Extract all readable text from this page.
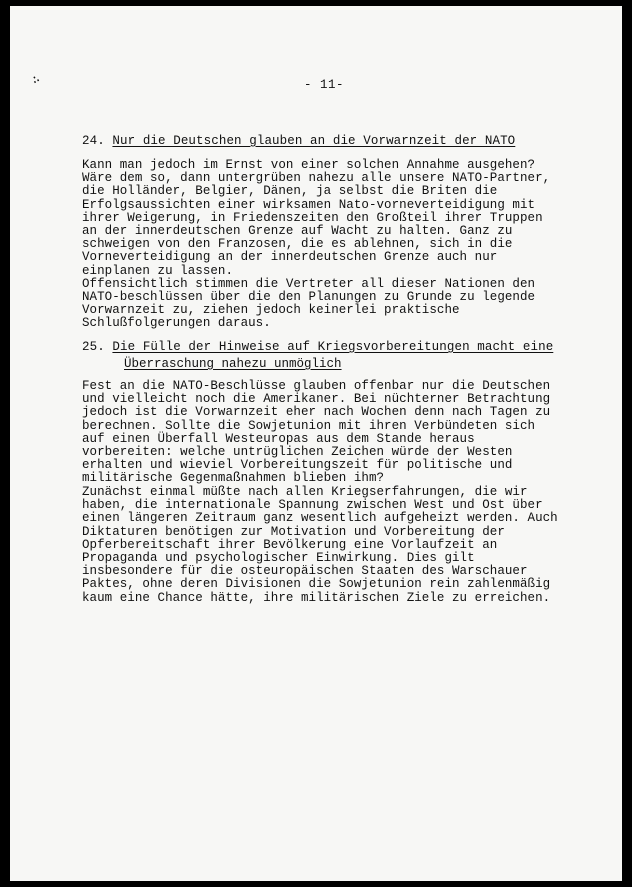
∴	- 11-
24. Nur die Deutschen glauben an die Vorwarnzeit der NATO
Kann man jedoch im Ernst von einer solchen Annahme ausgehen?
Wäre dem so, dann untergrüben nahezu alle unsere NATO-Partner,
die Holländer, Belgier, Dänen, ja selbst die Briten die
Erfolgsaussichten einer wirksamen Nato-vorneverteidigung mit
ihrer Weigerung, in Friedenszeiten den Großteil ihrer Truppen
an der innerdeutschen Grenze auf Wacht zu halten. Ganz zu
schweigen von den Franzosen, die es ablehnen, sich in die
Vorneverteidigung an der innerdeutschen Grenze auch nur
einplanen zu lassen.
Offensichtlich stimmen die Vertreter all dieser Nationen den
NATO-beschlüssen über die den Planungen zu Grunde zu legende
Vorwarnzeit zu, ziehen jedoch keinerlei praktische
Schlußfolgerungen daraus.
25. Die Fülle der Hinweise auf Kriegsvorbereitungen macht eine
Überraschung nahezu unmöglich
Fest an die NATO-Beschlüsse glauben offenbar nur die Deutschen
und vielleicht noch die Amerikaner. Bei nüchterner Betrachtung
jedoch ist die Vorwarnzeit eher nach Wochen denn nach Tagen zu
berechnen. Sollte die Sowjetunion mit ihren Verbündeten sich
auf einen Überfall Westeuropas aus dem Stande heraus
vorbereiten: welche untrüglichen Zeichen würde der Westen
erhalten und wieviel Vorbereitungszeit für politische und
militärische Gegenmaßnahmen blieben ihm?
Zunächst einmal müßte nach allen Kriegserfahrungen, die wir
haben, die internationale Spannung zwischen West und Ost über
einen längeren Zeitraum ganz wesentlich aufgeheizt werden. Auch
Diktaturen benötigen zur Motivation und Vorbereitung der
Opferbereitschaft ihrer Bevölkerung eine Vorlaufzeit an
Propaganda und psychologischer Einwirkung. Dies gilt
insbesondere für die osteuropäischen Staaten des Warschauer
Paktes, ohne deren Divisionen die Sowjetunion rein zahlenmäßig
kaum eine Chance hätte, ihre militärischen Ziele zu erreichen.
